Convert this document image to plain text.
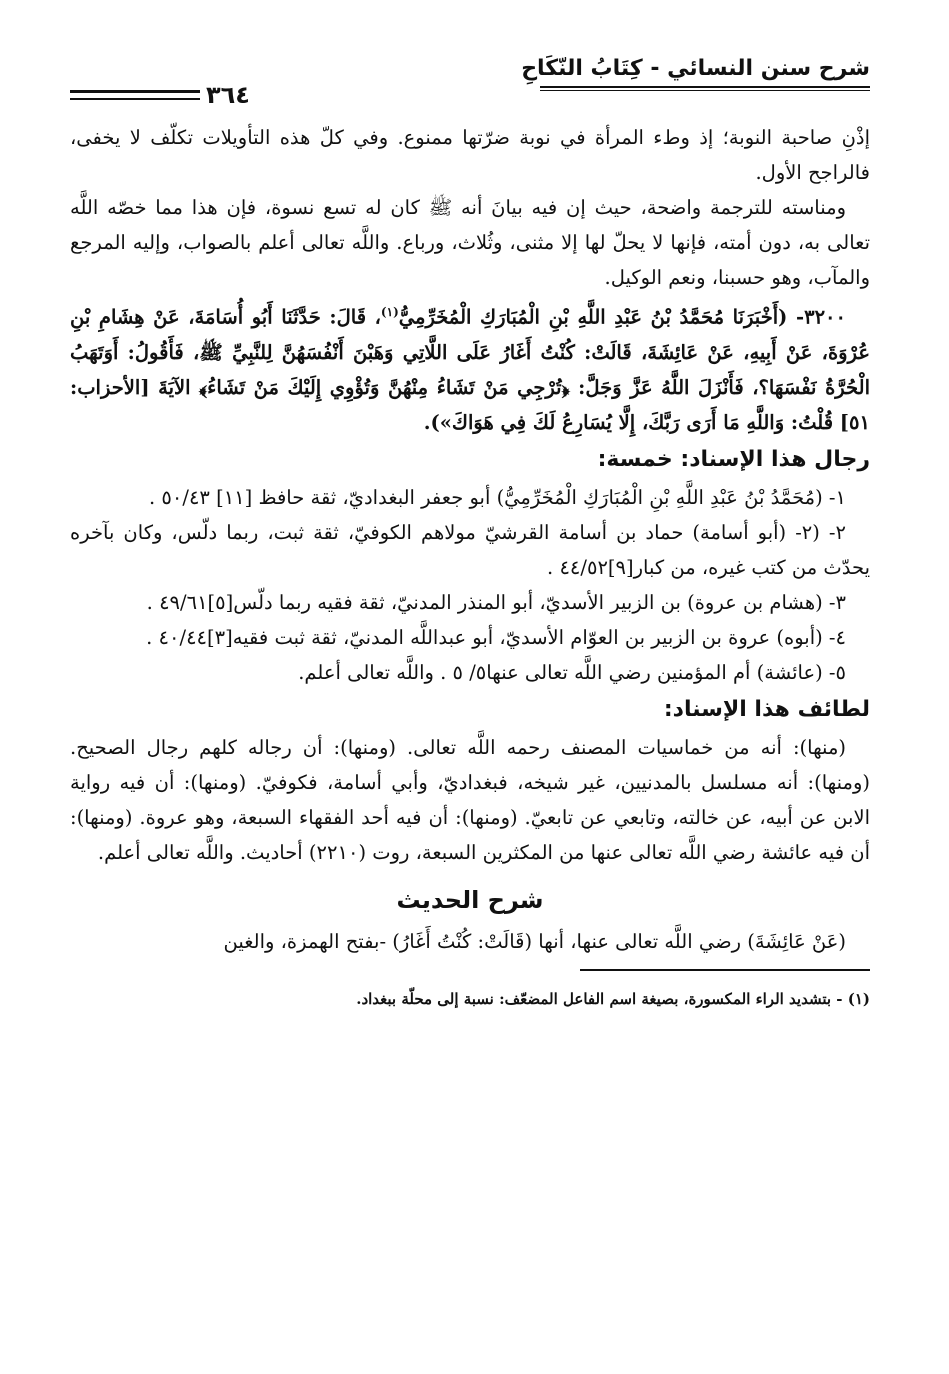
شرح سنن النسائي - كِتَابُ النّكَاحِ
٣٦٤

إذْنِ صاحبة النوبة؛ إذ وطء المرأة في نوبة ضرّتها ممنوع. وفي كلّ هذه التأويلات تكلّف لا يخفى، فالراجح الأول.

ومناسته للترجمة واضحة، حيث إن فيه بيانَ أنه ﷺ كان له تسع نسوة، فإن هذا مما خصّه اللَّه تعالى به، دون أمته، فإنها لا يحلّ لها إلا مثنى، وثُلاث، ورباع. واللَّه تعالى أعلم بالصواب، وإليه المرجع والمآب، وهو حسبنا، ونعم الوكيل.

٣٢٠٠- (أَخْبَرَنَا مُحَمَّدُ بْنُ عَبْدِ اللَّهِ بْنِ الْمُبَارَكِ الْمُخَرِّمِيُّ$^{(١)}$، قَالَ: حَدَّثَنَا أَبُو أُسَامَةَ، عَنْ هِشَامِ بْنِ عُرْوَةَ، عَنْ أَبِيهِ، عَنْ عَائِشَةَ، قَالَتْ: كُنْتُ أَغَارُ عَلَى اللَّاتِي وَهَبْنَ أَنْفُسَهُنَّ لِلنَّبِيِّ ﷺ، فَأَقُولُ: أَوَتَهَبُ الْحُرَّةُ نَفْسَهَا؟، فَأَنْزَلَ اللَّهُ عَزَّ وَجَلَّ: ﴿تُرْجِي مَنْ تَشَاءُ مِنْهُنَّ وَتُؤْوِي إِلَيْكَ مَنْ تَشَاءُ﴾ الآيَةَ [الأحزاب: ٥١] قُلْتُ: وَاللَّهِ مَا أَرَى رَبَّكَ، إِلَّا يُسَارِعُ لَكَ فِي هَوَاكَ»).

رجال هذا الإسناد: خمسة:

١- (مُحَمَّدُ بْنُ عَبْدِ اللَّهِ بْنِ الْمُبَارَكِ الْمُخَرِّمِيُّ) أبو جعفر البغداديّ، ثقة حافظ [١١] ٥٠/٤٣ .

٢- (٢- (أبو أسامة) حماد بن أسامة القرشيّ مولاهم الكوفيّ، ثقة ثبت، ربما دلّس، وكان بآخره يحدّث من كتب غيره، من كبار[٩]٤٤/٥٢ .

٣- (هشام بن عروة) بن الزبير الأسديّ، أبو المنذر المدنيّ، ثقة فقيه ربما دلّس[٥]٤٩/٦١ .

٤- (أبوه) عروة بن الزبير بن العوّام الأسديّ، أبو عبداللَّه المدنيّ، ثقة ثبت فقيه[٣]٤٠/٤٤ .

٥- (عائشة) أم المؤمنين رضي اللَّه تعالى عنها٥/ ٥ . واللَّه تعالى أعلم.

لطائف هذا الإسناد:

(منها): أنه من خماسيات المصنف رحمه اللَّه تعالى. (ومنها): أن رجاله كلهم رجال الصحيح. (ومنها): أنه مسلسل بالمدنيين، غير شيخه، فبغداديّ، وأبي أسامة، فكوفيّ. (ومنها): أن فيه رواية الابن عن أبيه، عن خالته، وتابعي عن تابعيّ. (ومنها): أن فيه أحد الفقهاء السبعة، وهو عروة. (ومنها): أن فيه عائشة رضي اللَّه تعالى عنها من المكثرين السبعة، روت (٢٢١٠) أحاديث. واللَّه تعالى أعلم.

شرح الحديث

(عَنْ عَائِشَةَ) رضي اللَّه تعالى عنها، أنها (قَالَتْ: كُنْتُ أَغَارُ) -بفتح الهمزة، والغين

(١) - بتشديد الراء المكسورة، بصيغة اسم الفاعل المضعّف: نسبة إلى محلّة ببغداد.
